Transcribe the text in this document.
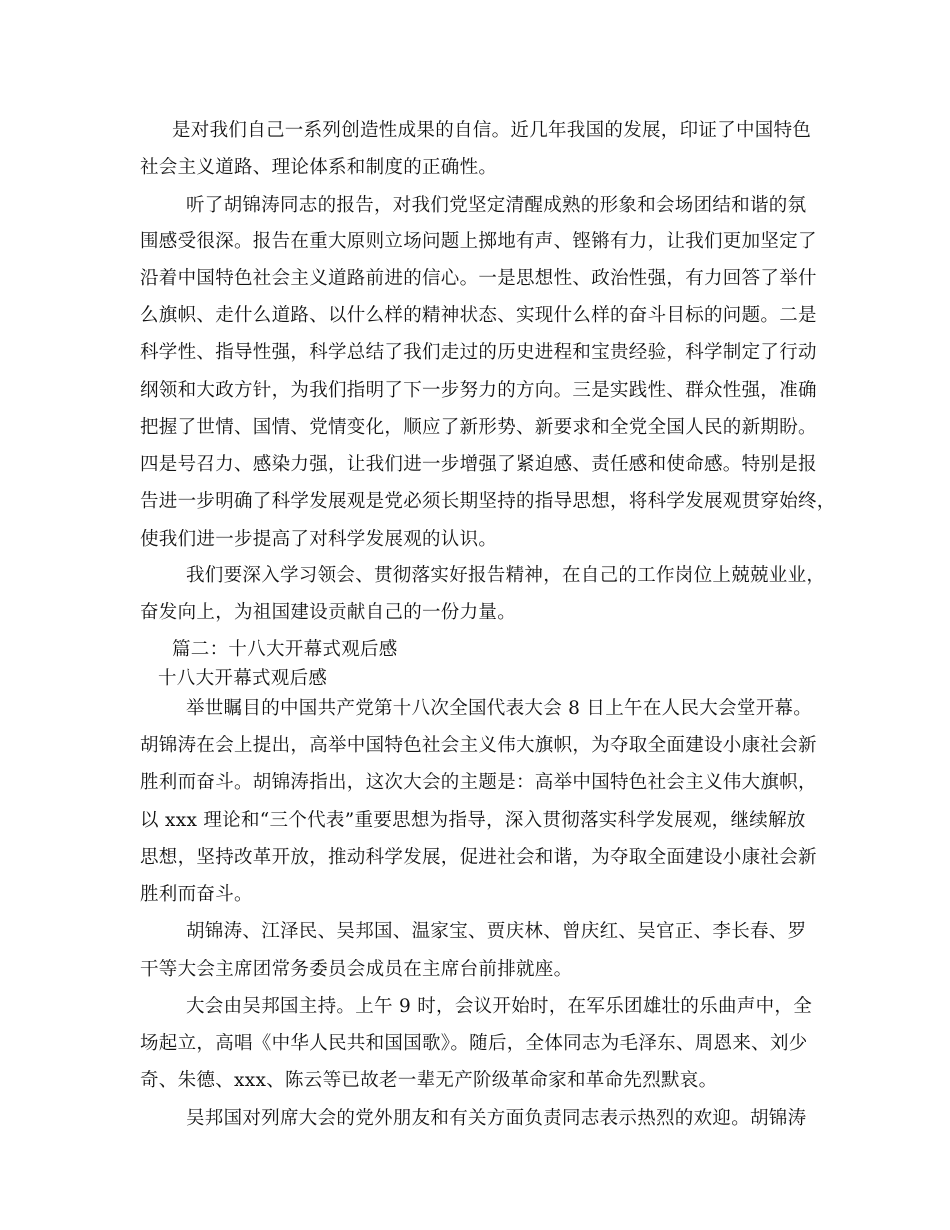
是对我们自己一系列创造性成果的自信。近几年我国的发展，印证了中国特色
社会主义道路、理论体系和制度的正确性。
听了胡锦涛同志的报告，对我们党坚定清醒成熟的形象和会场团结和谐的氛
围感受很深。报告在重大原则立场问题上掷地有声、铿锵有力，让我们更加坚定了
沿着中国特色社会主义道路前进的信心。一是思想性、政治性强，有力回答了举什
么旗帜、走什么道路、以什么样的精神状态、实现什么样的奋斗目标的问题。二是
科学性、指导性强，科学总结了我们走过的历史进程和宝贵经验，科学制定了行动
纲领和大政方针，为我们指明了下一步努力的方向。三是实践性、群众性强，准确
把握了世情、国情、党情变化，顺应了新形势、新要求和全党全国人民的新期盼。
四是号召力、感染力强，让我们进一步增强了紧迫感、责任感和使命感。特别是报
告进一步明确了科学发展观是党必须长期坚持的指导思想，将科学发展观贯穿始终，
使我们进一步提高了对科学发展观的认识。
我们要深入学习领会、贯彻落实好报告精神，在自己的工作岗位上兢兢业业，
奋发向上，为祖国建设贡献自己的一份力量。
篇二：十八大开幕式观后感
十八大开幕式观后感
举世瞩目的中国共产党第十八次全国代表大会 8 日上午在人民大会堂开幕。
胡锦涛在会上提出，高举中国特色社会主义伟大旗帜，为夺取全面建设小康社会新
胜利而奋斗。胡锦涛指出，这次大会的主题是：高举中国特色社会主义伟大旗帜，
以 xxx 理论和“三个代表”重要思想为指导，深入贯彻落实科学发展观，继续解放
思想，坚持改革开放，推动科学发展，促进社会和谐，为夺取全面建设小康社会新
胜利而奋斗。
胡锦涛、江泽民、吴邦国、温家宝、贾庆林、曾庆红、吴官正、李长春、罗
干等大会主席团常务委员会成员在主席台前排就座。
大会由吴邦国主持。上午 9 时，会议开始时，在军乐团雄壮的乐曲声中，全
场起立，高唱《中华人民共和国国歌》。随后，全体同志为毛泽东、周恩来、刘少
奇、朱德、xxx、陈云等已故老一辈无产阶级革命家和革命先烈默哀。
吴邦国对列席大会的党外朋友和有关方面负责同志表示热烈的欢迎。胡锦涛
